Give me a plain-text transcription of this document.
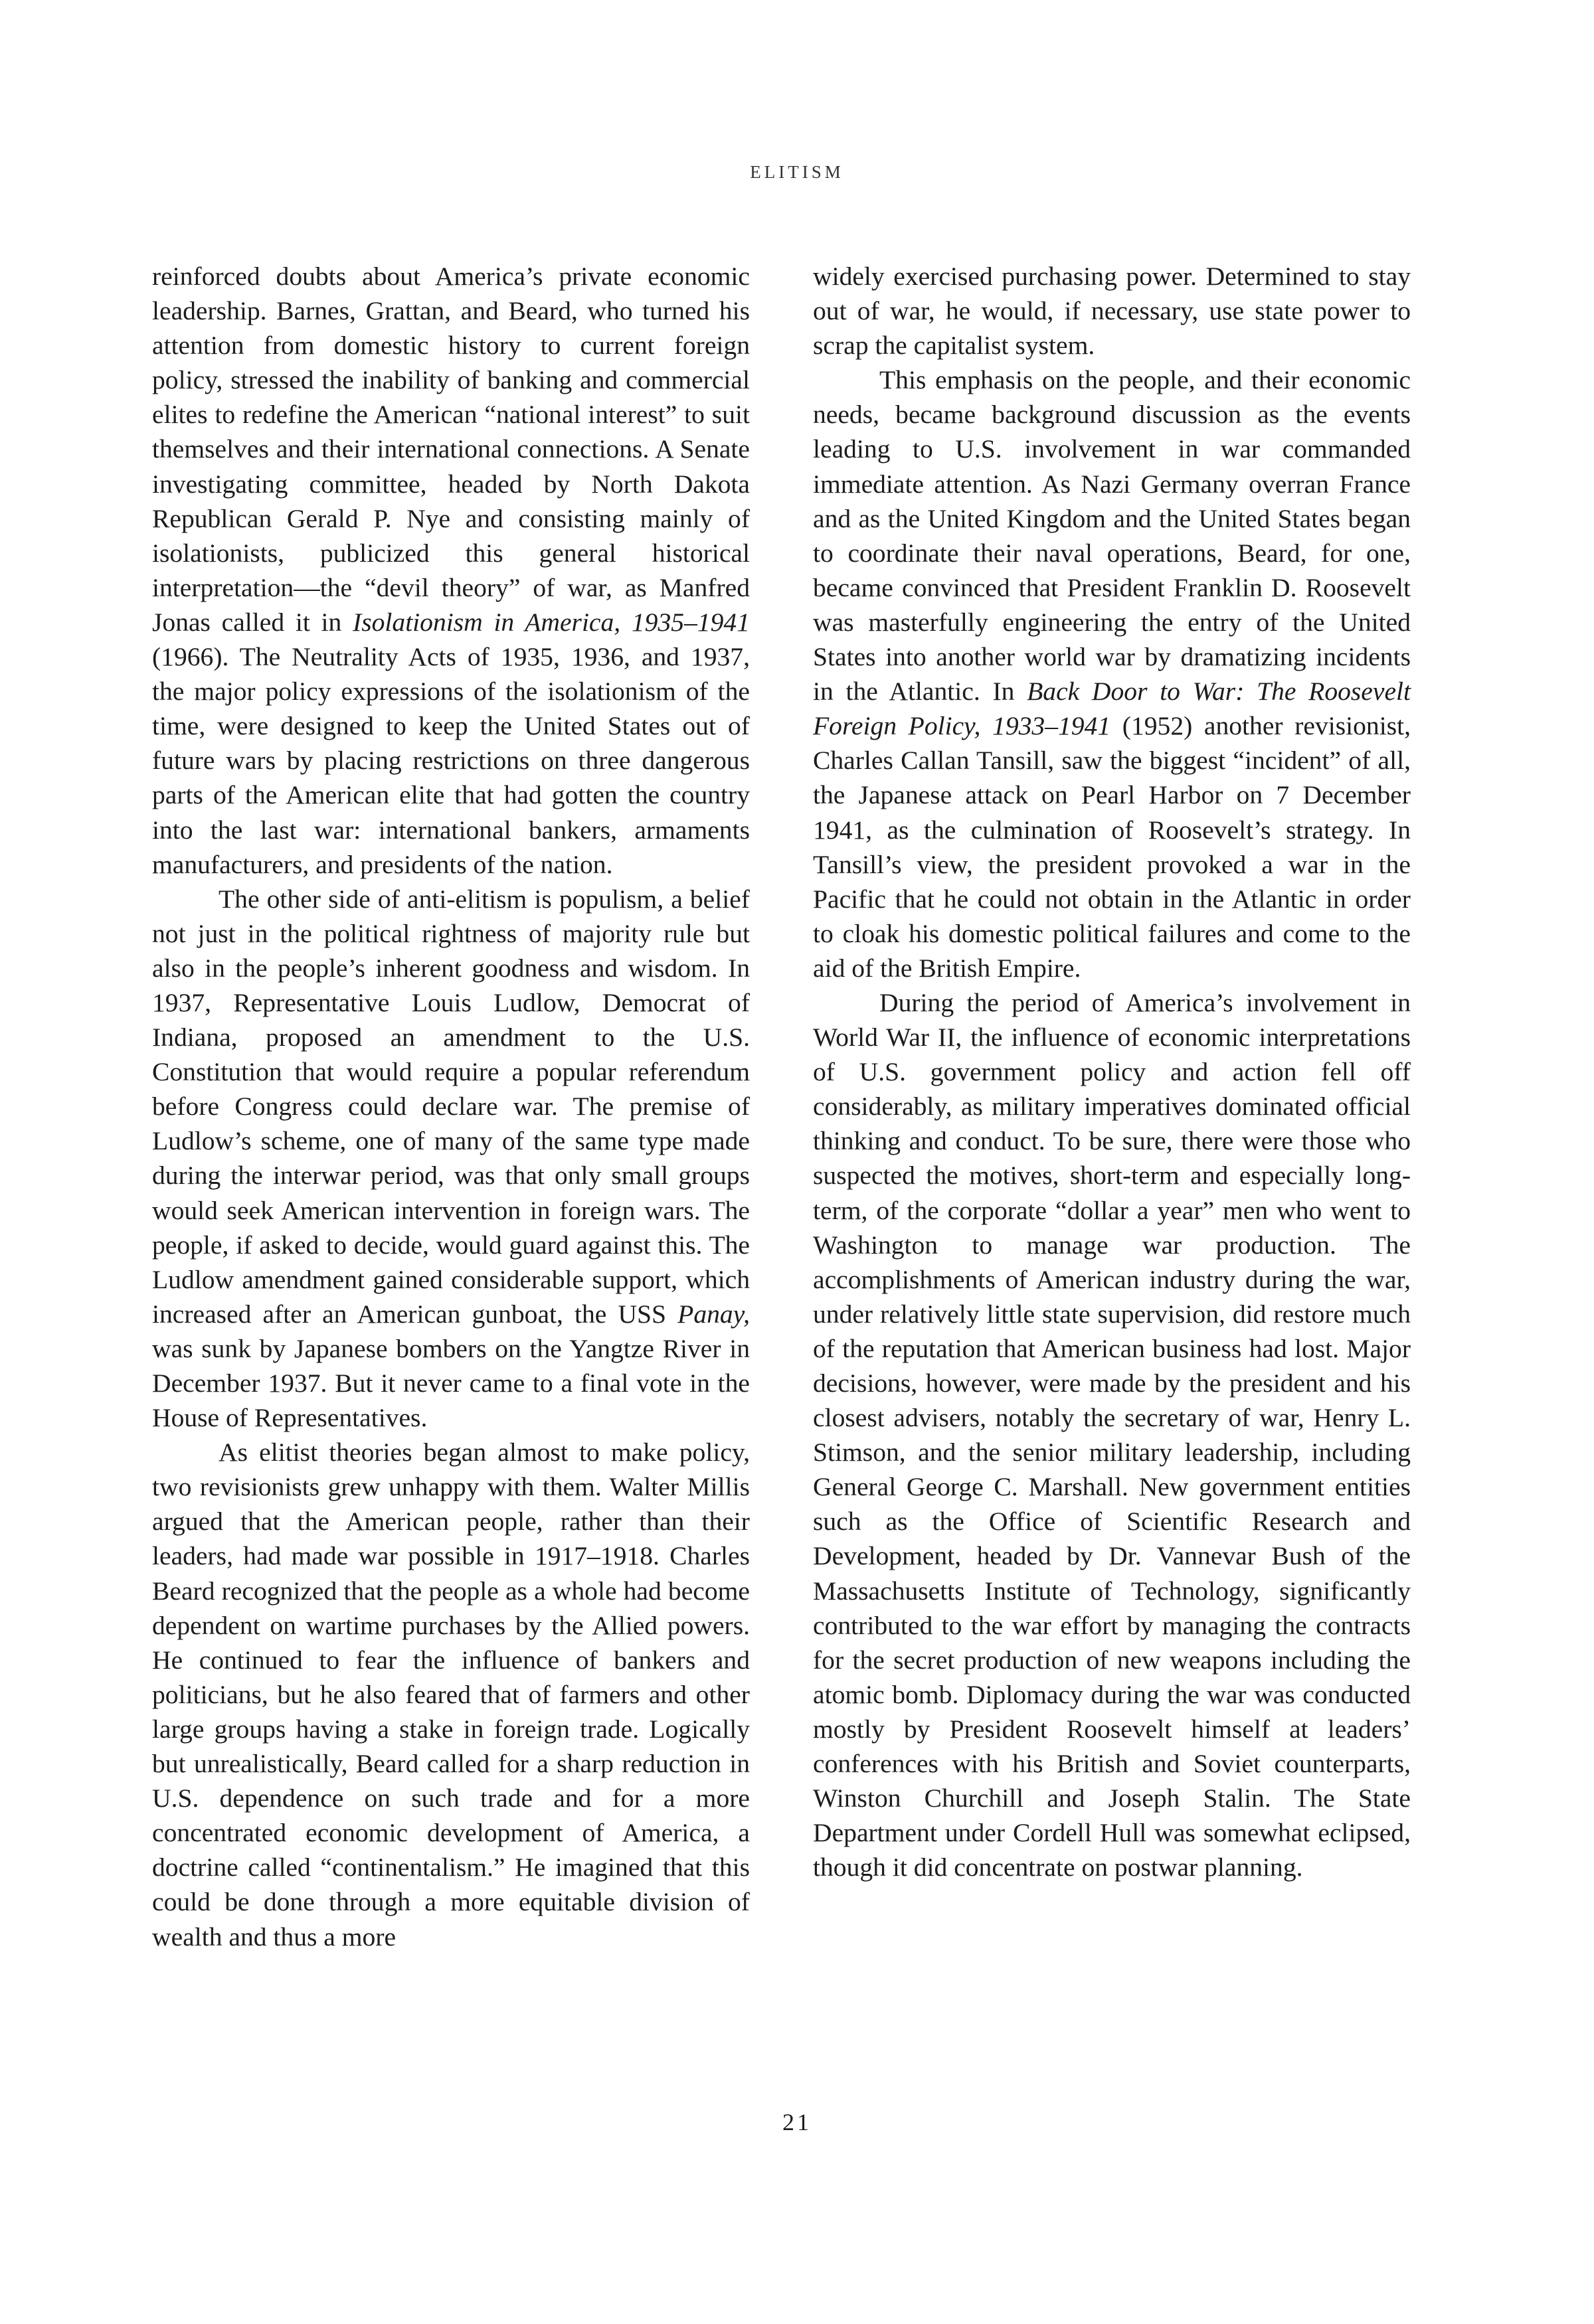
ELITISM

reinforced doubts about America’s private economic leadership. Barnes, Grattan, and Beard, who turned his attention from domestic history to current foreign policy, stressed the inability of banking and commercial elites to redefine the American “national interest” to suit themselves and their international connections. A Senate investigating committee, headed by North Dakota Republican Gerald P. Nye and consisting mainly of isolationists, publicized this general historical interpretation—the “devil theory” of war, as Manfred Jonas called it in Isolationism in America, 1935–1941 (1966). The Neutrality Acts of 1935, 1936, and 1937, the major policy expressions of the isolationism of the time, were designed to keep the United States out of future wars by placing restrictions on three dangerous parts of the American elite that had gotten the country into the last war: international bankers, armaments manufacturers, and presidents of the nation.

The other side of anti-elitism is populism, a belief not just in the political rightness of majority rule but also in the people’s inherent goodness and wisdom. In 1937, Representative Louis Ludlow, Democrat of Indiana, proposed an amendment to the U.S. Constitution that would require a popular referendum before Congress could declare war. The premise of Ludlow’s scheme, one of many of the same type made during the interwar period, was that only small groups would seek American intervention in foreign wars. The people, if asked to decide, would guard against this. The Ludlow amendment gained considerable support, which increased after an American gunboat, the USS Panay, was sunk by Japanese bombers on the Yangtze River in December 1937. But it never came to a final vote in the House of Representatives.

As elitist theories began almost to make policy, two revisionists grew unhappy with them. Walter Millis argued that the American people, rather than their leaders, had made war possible in 1917–1918. Charles Beard recognized that the people as a whole had become dependent on wartime purchases by the Allied powers. He continued to fear the influence of bankers and politicians, but he also feared that of farmers and other large groups having a stake in foreign trade. Logically but unrealistically, Beard called for a sharp reduction in U.S. dependence on such trade and for a more concentrated economic development of America, a doctrine called “continentalism.” He imagined that this could be done through a more equitable division of wealth and thus a more

widely exercised purchasing power. Determined to stay out of war, he would, if necessary, use state power to scrap the capitalist system.

This emphasis on the people, and their economic needs, became background discussion as the events leading to U.S. involvement in war commanded immediate attention. As Nazi Germany overran France and as the United Kingdom and the United States began to coordinate their naval operations, Beard, for one, became convinced that President Franklin D. Roosevelt was masterfully engineering the entry of the United States into another world war by dramatizing incidents in the Atlantic. In Back Door to War: The Roosevelt Foreign Policy, 1933–1941 (1952) another revisionist, Charles Callan Tansill, saw the biggest “incident” of all, the Japanese attack on Pearl Harbor on 7 December 1941, as the culmination of Roosevelt’s strategy. In Tansill’s view, the president provoked a war in the Pacific that he could not obtain in the Atlantic in order to cloak his domestic political failures and come to the aid of the British Empire.

During the period of America’s involvement in World War II, the influence of economic interpretations of U.S. government policy and action fell off considerably, as military imperatives dominated official thinking and conduct. To be sure, there were those who suspected the motives, short-term and especially long-term, of the corporate “dollar a year” men who went to Washington to manage war production. The accomplishments of American industry during the war, under relatively little state supervision, did restore much of the reputation that American business had lost. Major decisions, however, were made by the president and his closest advisers, notably the secretary of war, Henry L. Stimson, and the senior military leadership, including General George C. Marshall. New government entities such as the Office of Scientific Research and Development, headed by Dr. Vannevar Bush of the Massachusetts Institute of Technology, significantly contributed to the war effort by managing the contracts for the secret production of new weapons including the atomic bomb. Diplomacy during the war was conducted mostly by President Roosevelt himself at leaders’ conferences with his British and Soviet counterparts, Winston Churchill and Joseph Stalin. The State Department under Cordell Hull was somewhat eclipsed, though it did concentrate on postwar planning.

21
